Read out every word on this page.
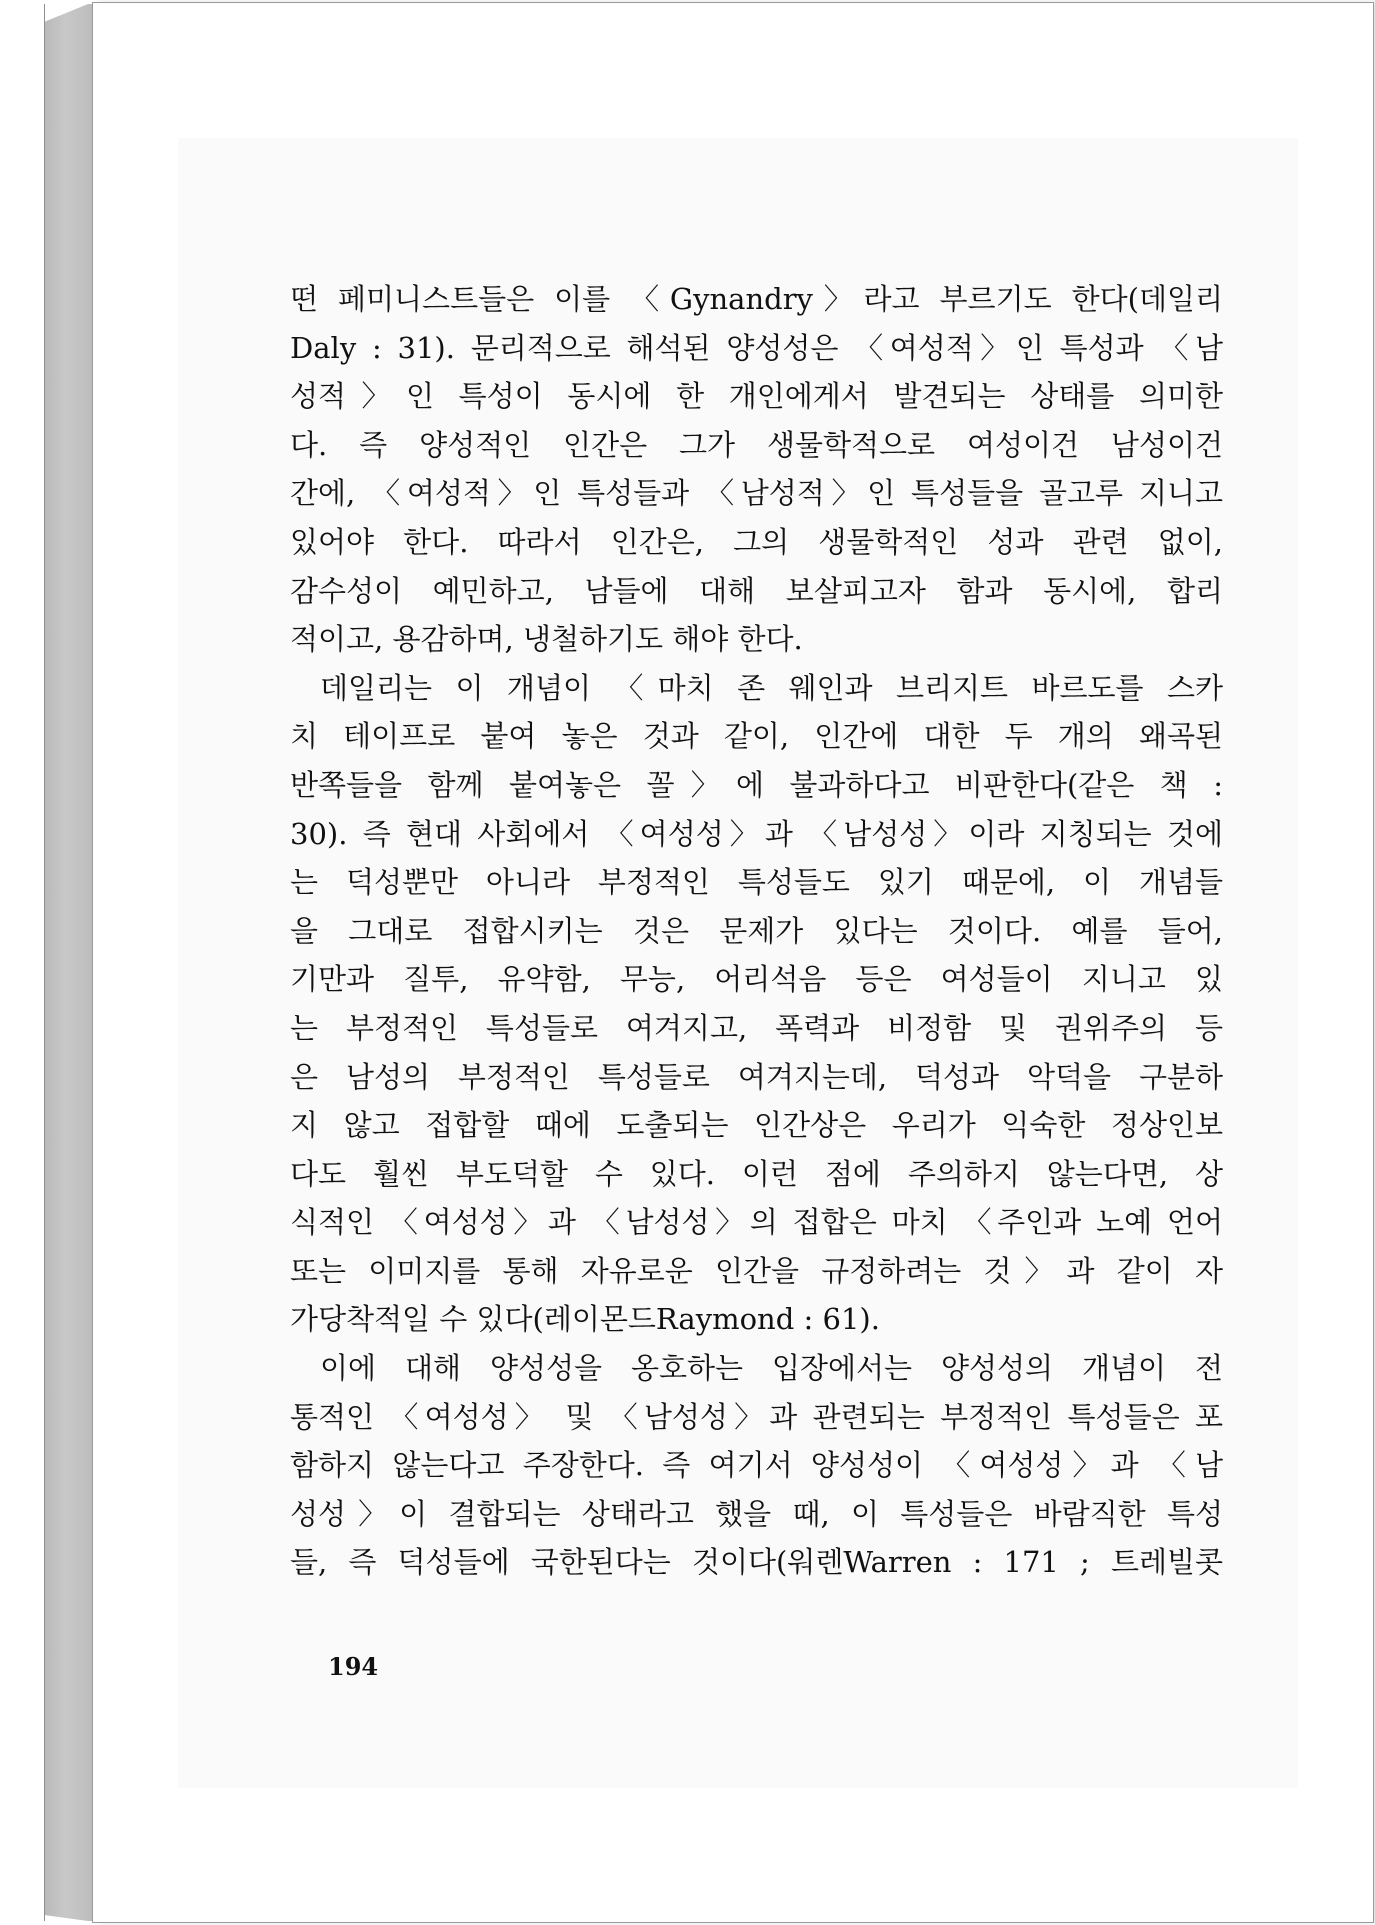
떤 페미니스트들은 이를 〈Gynandry〉라고 부르기도 한다(데일리
Daly : 31). 문리적으로 해석된 양성성은 〈여성적〉인 특성과 〈남
성적〉인 특성이 동시에 한 개인에게서 발견되는 상태를 의미한
다. 즉 양성적인 인간은 그가 생물학적으로 여성이건 남성이건
간에, 〈여성적〉인 특성들과 〈남성적〉인 특성들을 골고루 지니고
있어야 한다. 따라서 인간은, 그의 생물학적인 성과 관련 없이,
감수성이 예민하고, 남들에 대해 보살피고자 함과 동시에, 합리
적이고, 용감하며, 냉철하기도 해야 한다.
데일리는 이 개념이 〈마치 존 웨인과 브리지트 바르도를 스카
치 테이프로 붙여 놓은 것과 같이, 인간에 대한 두 개의 왜곡된
반쪽들을 함께 붙여놓은 꼴〉에 불과하다고 비판한다(같은 책 :
30). 즉 현대 사회에서 〈여성성〉과 〈남성성〉이라 지칭되는 것에
는 덕성뿐만 아니라 부정적인 특성들도 있기 때문에, 이 개념들
을 그대로 접합시키는 것은 문제가 있다는 것이다. 예를 들어,
기만과 질투, 유약함, 무능, 어리석음 등은 여성들이 지니고 있
는 부정적인 특성들로 여겨지고, 폭력과 비정함 및 권위주의 등
은 남성의 부정적인 특성들로 여겨지는데, 덕성과 악덕을 구분하
지 않고 접합할 때에 도출되는 인간상은 우리가 익숙한 정상인보
다도 훨씬 부도덕할 수 있다. 이런 점에 주의하지 않는다면, 상
식적인 〈여성성〉과 〈남성성〉의 접합은 마치 〈주인과 노예 언어
또는 이미지를 통해 자유로운 인간을 규정하려는 것〉과 같이 자
가당착적일 수 있다(레이몬드Raymond : 61).
이에 대해 양성성을 옹호하는 입장에서는 양성성의 개념이 전
통적인 〈여성성〉 및 〈남성성〉과 관련되는 부정적인 특성들은 포
함하지 않는다고 주장한다. 즉 여기서 양성성이 〈여성성〉과 〈남
성성〉이 결합되는 상태라고 했을 때, 이 특성들은 바람직한 특성
들, 즉 덕성들에 국한된다는 것이다(워렌Warren : 171 ; 트레빌콧
194
